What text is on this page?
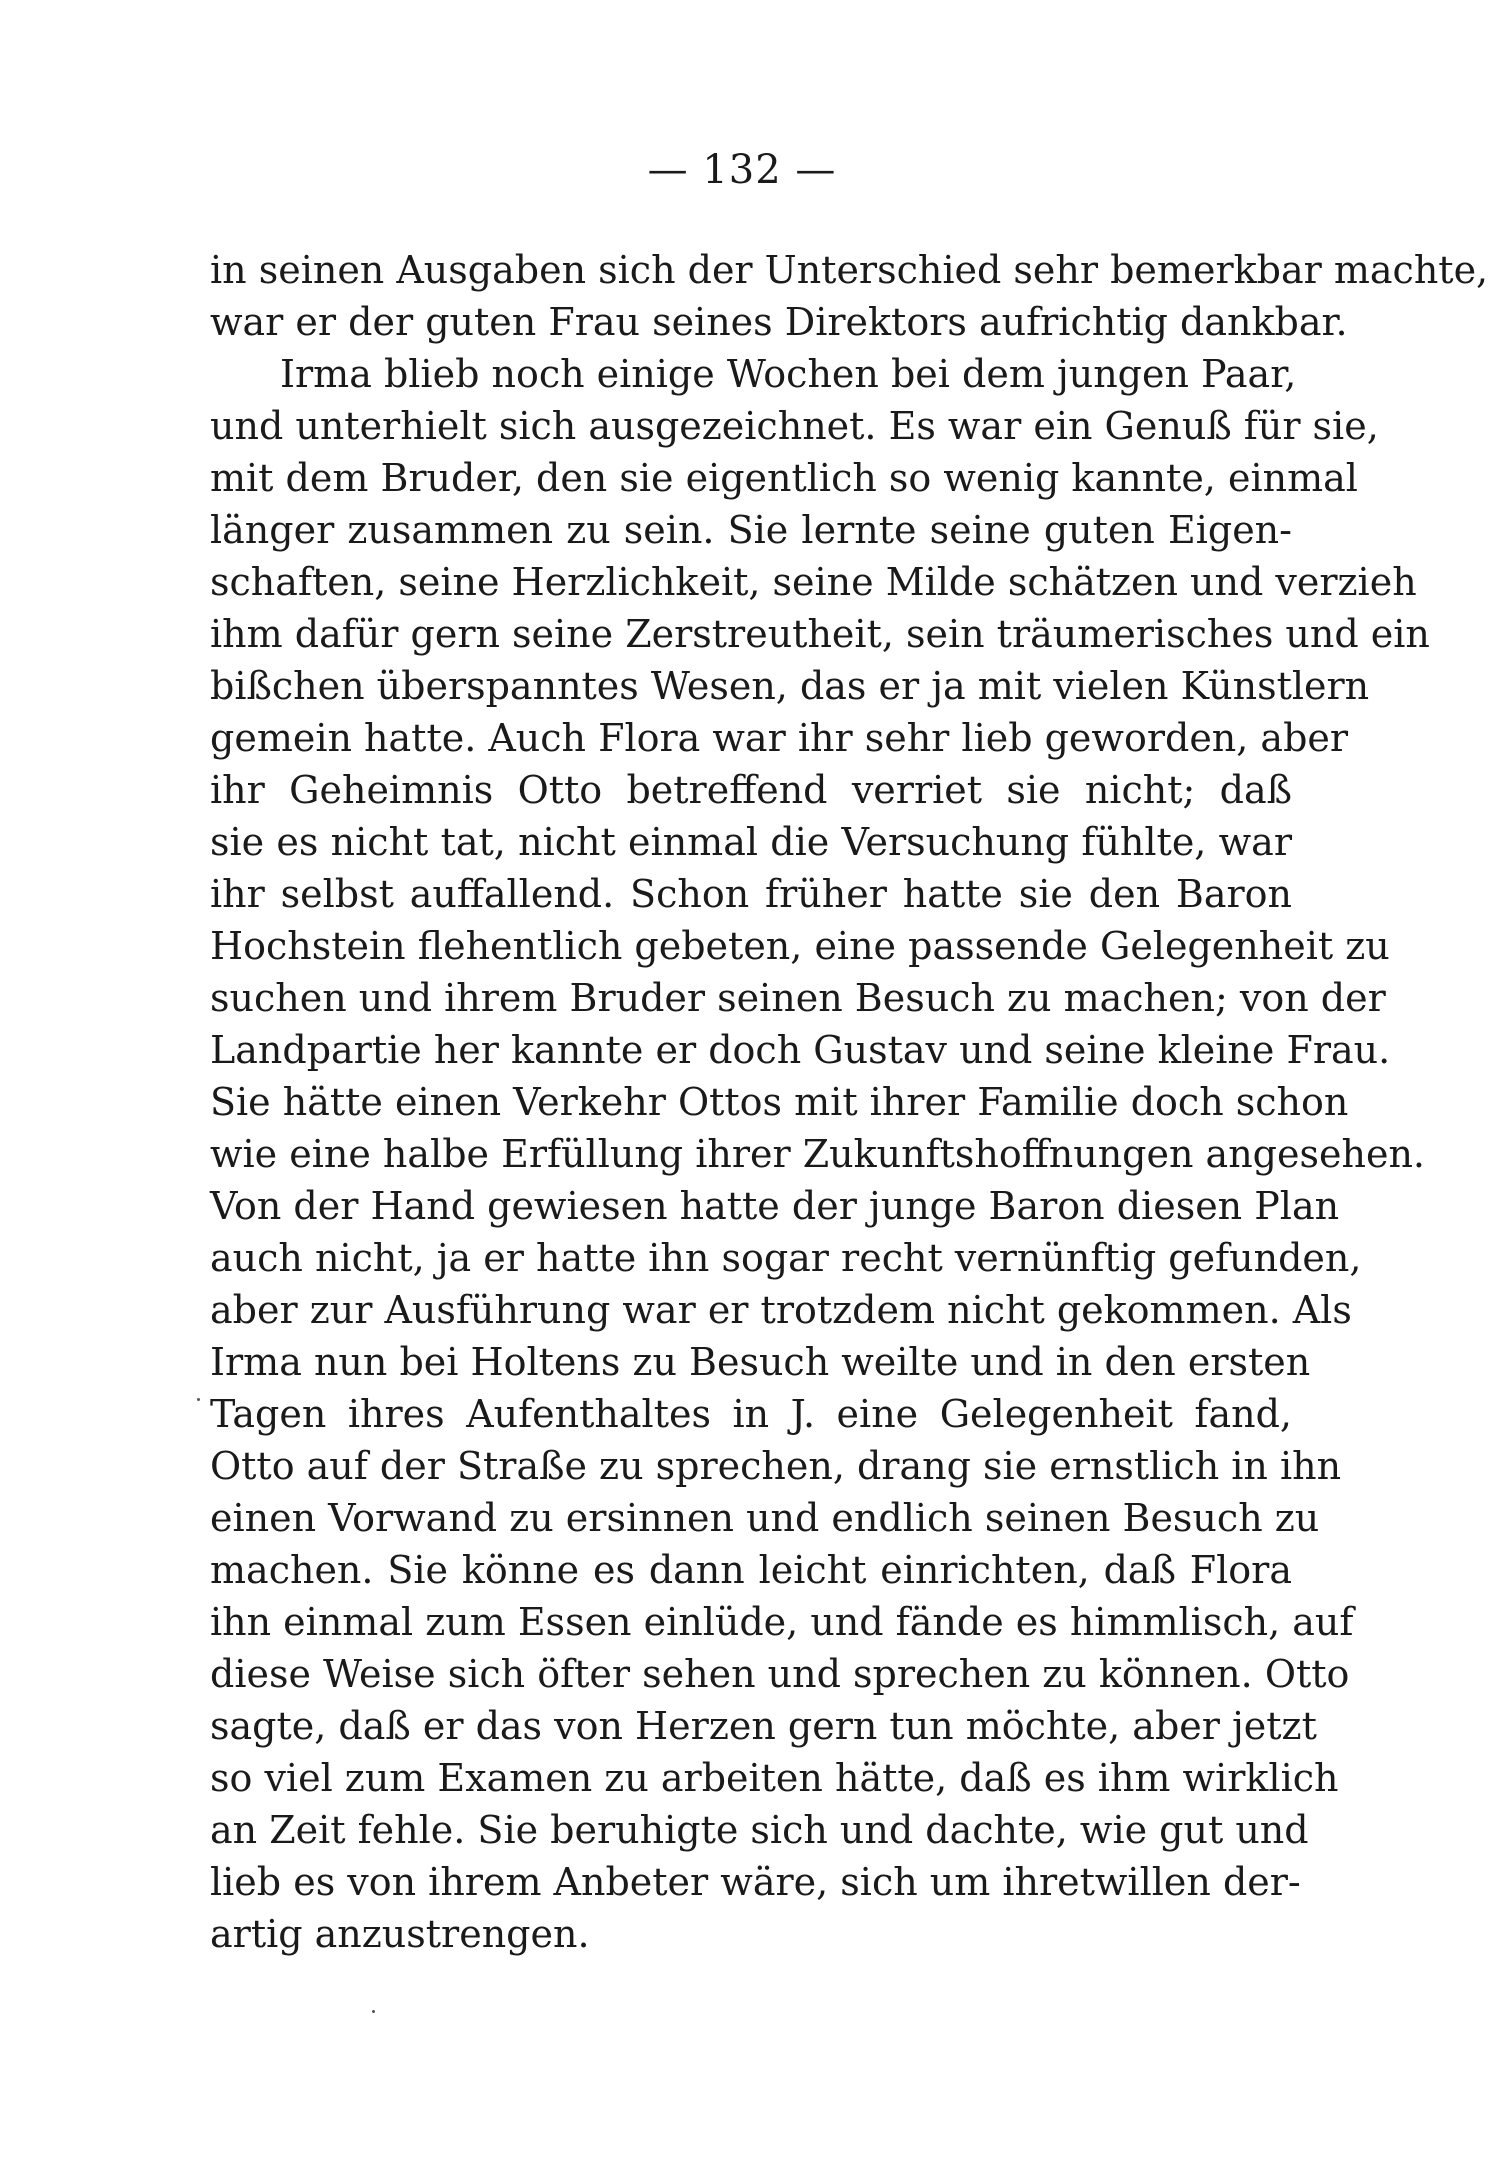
— 132 —
in seinen Ausgaben sich der Unterschied sehr bemerkbar machte,
war er der guten Frau seines Direktors aufrichtig dankbar.
Irma blieb noch einige Wochen bei dem jungen Paar,
und unterhielt sich ausgezeichnet. Es war ein Genuß für sie,
mit dem Bruder, den sie eigentlich so wenig kannte, einmal
länger zusammen zu sein. Sie lernte seine guten Eigen-
schaften, seine Herzlichkeit, seine Milde schätzen und verzieh
ihm dafür gern seine Zerstreutheit, sein träumerisches und ein
bißchen überspanntes Wesen, das er ja mit vielen Künstlern
gemein hatte. Auch Flora war ihr sehr lieb geworden, aber
ihr Geheimnis Otto betreffend verriet sie nicht; daß
sie es nicht tat, nicht einmal die Versuchung fühlte, war
ihr selbst auffallend. Schon früher hatte sie den Baron
Hochstein flehentlich gebeten, eine passende Gelegenheit zu
suchen und ihrem Bruder seinen Besuch zu machen; von der
Landpartie her kannte er doch Gustav und seine kleine Frau.
Sie hätte einen Verkehr Ottos mit ihrer Familie doch schon
wie eine halbe Erfüllung ihrer Zukunftshoffnungen angesehen.
Von der Hand gewiesen hatte der junge Baron diesen Plan
auch nicht, ja er hatte ihn sogar recht vernünftig gefunden,
aber zur Ausführung war er trotzdem nicht gekommen. Als
Irma nun bei Holtens zu Besuch weilte und in den ersten
Tagen ihres Aufenthaltes in J. eine Gelegenheit fand,
Otto auf der Straße zu sprechen, drang sie ernstlich in ihn
einen Vorwand zu ersinnen und endlich seinen Besuch zu
machen. Sie könne es dann leicht einrichten, daß Flora
ihn einmal zum Essen einlüde, und fände es himmlisch, auf
diese Weise sich öfter sehen und sprechen zu können. Otto
sagte, daß er das von Herzen gern tun möchte, aber jetzt
so viel zum Examen zu arbeiten hätte, daß es ihm wirklich
an Zeit fehle. Sie beruhigte sich und dachte, wie gut und
lieb es von ihrem Anbeter wäre, sich um ihretwillen der-
artig anzustrengen.
